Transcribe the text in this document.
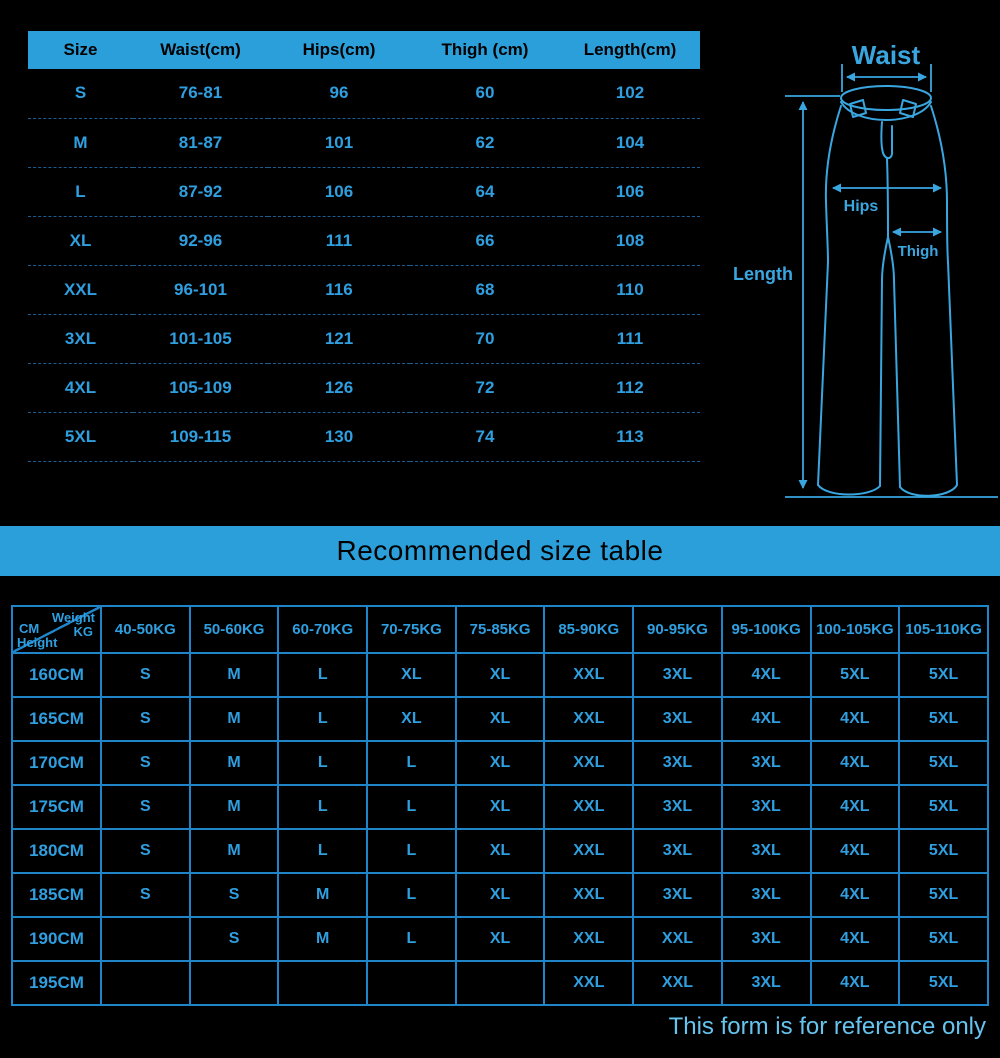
Size	Waist(cm)	Hips(cm)	Thigh (cm)	Length(cm)
S	76-81	96	60	102
M	81-87	101	62	104
L	87-92	106	64	106
XL	92-96	111	66	108
XXL	96-101	116	68	110
3XL	101-105	121	70	111
4XL	105-109	126	72	112
5XL	109-115	130	74	113
Waist
Hips
Thigh
Length
Recommended size table
Weight
KG
CM
Height	40-50KG	50-60KG	60-70KG	70-75KG	75-85KG	85-90KG	90-95KG	95-100KG	100-105KG	105-110KG
160CM	S	M	L	XL	XL	XXL	3XL	4XL	5XL	5XL
165CM	S	M	L	XL	XL	XXL	3XL	4XL	4XL	5XL
170CM	S	M	L	L	XL	XXL	3XL	3XL	4XL	5XL
175CM	S	M	L	L	XL	XXL	3XL	3XL	4XL	5XL
180CM	S	M	L	L	XL	XXL	3XL	3XL	4XL	5XL
185CM	S	S	M	L	XL	XXL	3XL	3XL	4XL	5XL
190CM		S	M	L	XL	XXL	XXL	3XL	4XL	5XL
195CM						XXL	XXL	3XL	4XL	5XL
This form is for reference only
